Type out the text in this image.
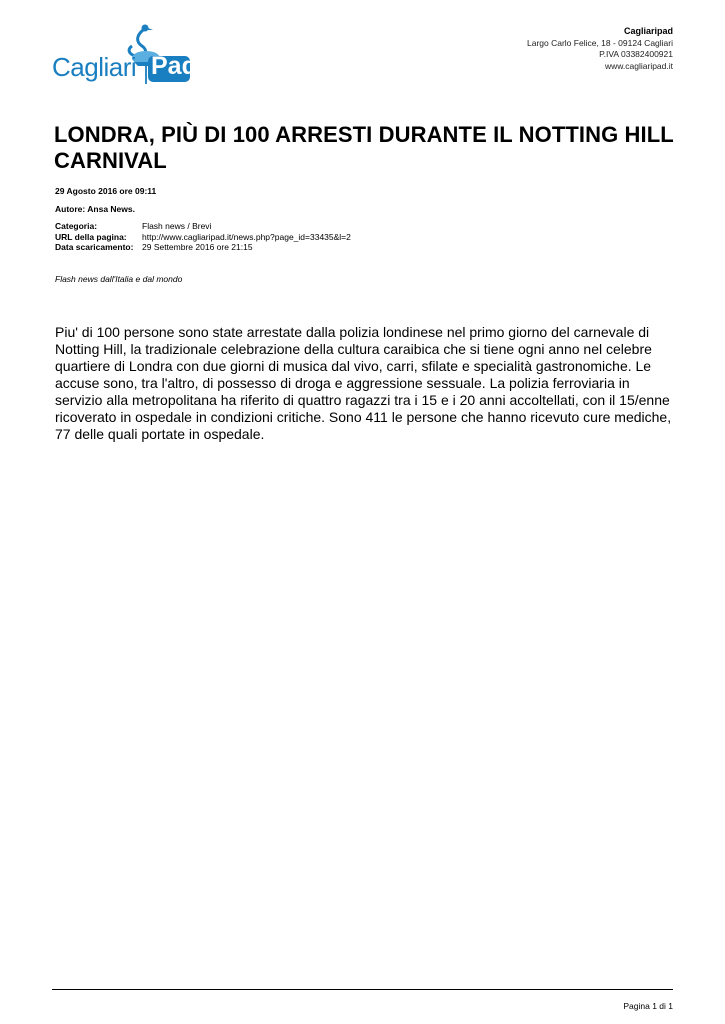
Cagliari Pad
Cagliaripad
Largo Carlo Felice, 18 - 09124 Cagliari
P.IVA 03382400921
www.cagliaripad.it
LONDRA, PIÙ DI 100 ARRESTI DURANTE IL NOTTING HILL CARNIVAL
29 Agosto 2016 ore 09:11
Autore: Ansa News.
Categoria:	Flash news / Brevi
URL della pagina:	http://www.cagliaripad.it/news.php?page_id=33435&l=2
Data scaricamento:	29 Settembre 2016 ore 21:15
Flash news dall'Italia e dal mondo

Piu' di 100 persone sono state arrestate dalla polizia londinese nel primo giorno del carnevale di Notting Hill, la tradizionale celebrazione della cultura caraibica che si tiene ogni anno nel celebre quartiere di Londra con due giorni di musica dal vivo, carri, sfilate e specialità gastronomiche. Le accuse sono, tra l'altro, di possesso di droga e aggressione sessuale. La polizia ferroviaria in servizio alla metropolitana ha riferito di quattro ragazzi tra i 15 e i 20 anni accoltellati, con il 15/enne ricoverato in ospedale in condizioni critiche. Sono 411 le persone che hanno ricevuto cure mediche, 77 delle quali portate in ospedale.

Pagina 1 di 1
